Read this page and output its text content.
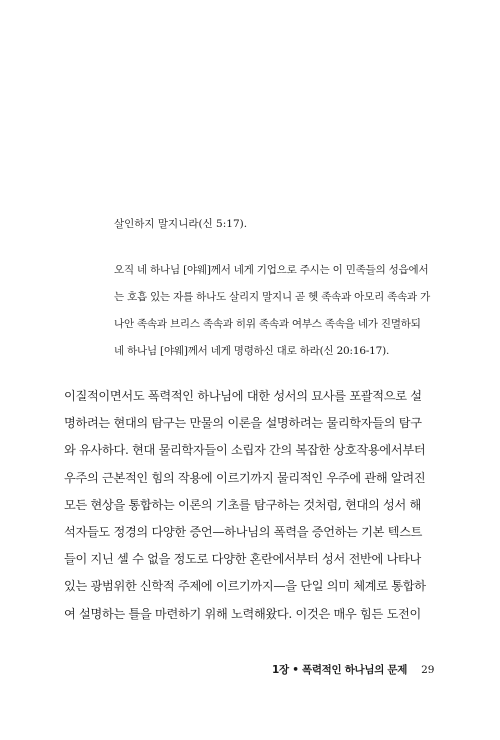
살인하지 말지니라(신 5:17).
오직 네 하나님 [야웨]께서 네게 기업으로 주시는 이 민족들의 성읍에서
는 호흡 있는 자를 하나도 살리지 말지니 곧 헷 족속과 아모리 족속과 가
나안 족속과 브리스 족속과 히위 족속과 여부스 족속을 네가 진멸하되
네 하나님 [야웨]께서 네게 명령하신 대로 하라(신 20:16-17).
이질적이면서도 폭력적인 하나님에 대한 성서의 묘사를 포괄적으로 설
명하려는 현대의 탐구는 만물의 이론을 설명하려는 물리학자들의 탐구
와 유사하다. 현대 물리학자들이 소립자 간의 복잡한 상호작용에서부터
우주의 근본적인 힘의 작용에 이르기까지 물리적인 우주에 관해 알려진
모든 현상을 통합하는 이론의 기초를 탐구하는 것처럼, 현대의 성서 해
석자들도 정경의 다양한 증언—하나님의 폭력을 증언하는 기본 텍스트
들이 지닌 셀 수 없을 정도로 다양한 혼란에서부터 성서 전반에 나타나
있는 광범위한 신학적 주제에 이르기까지—을 단일 의미 체계로 통합하
여 설명하는 틀을 마련하기 위해 노력해왔다. 이것은 매우 힘든 도전이
1장 • 폭력적인 하나님의 문제 29
